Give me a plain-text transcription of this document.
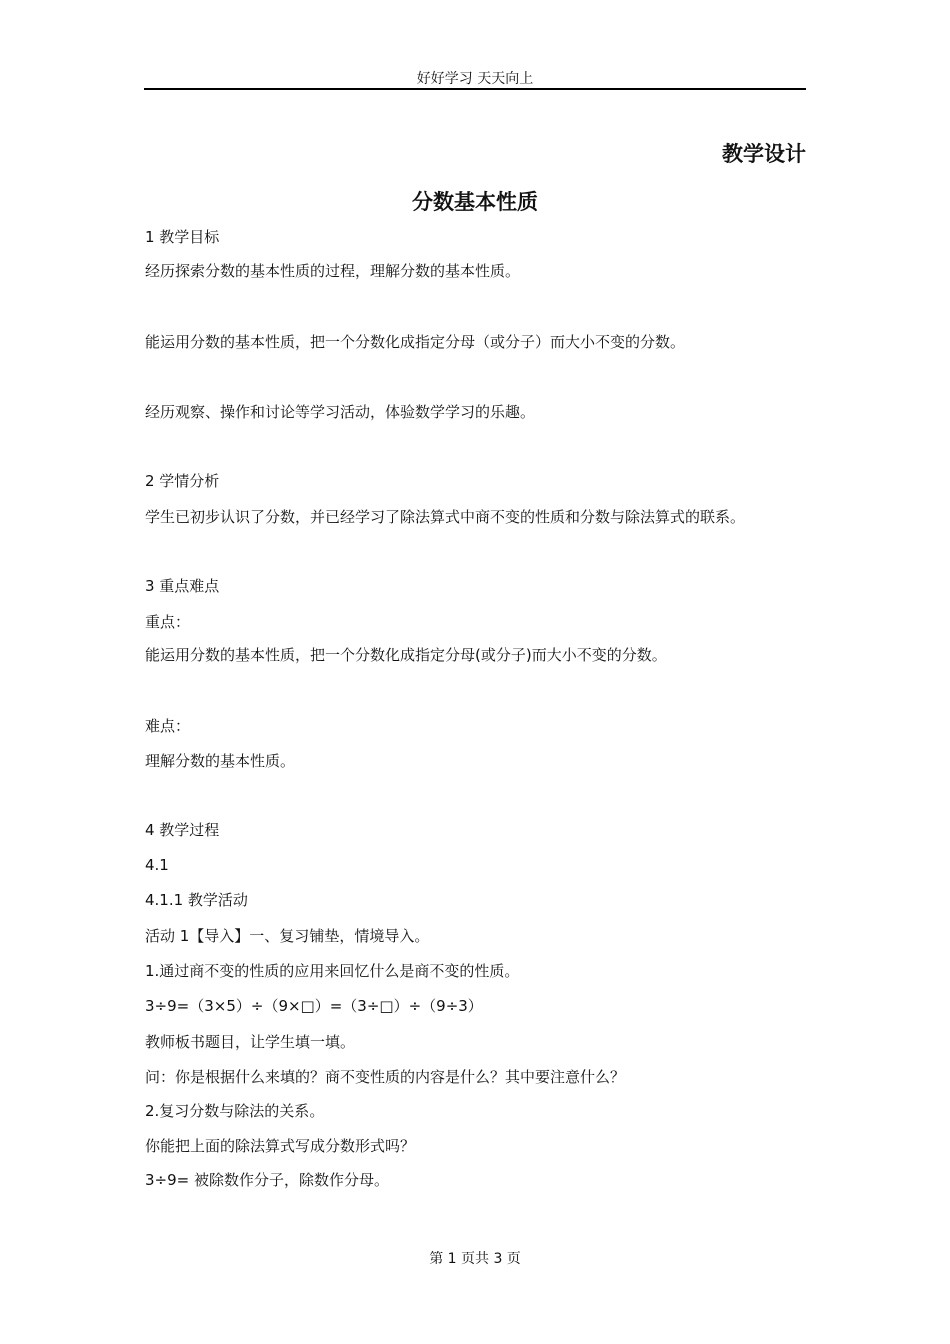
好好学习 天天向上
教学设计
分数基本性质
1 教学目标
经历探索分数的基本性质的过程，理解分数的基本性质。
能运用分数的基本性质，把一个分数化成指定分母（或分子）而大小不变的分数。
经历观察、操作和讨论等学习活动，体验数学学习的乐趣。
2 学情分析
学生已初步认识了分数，并已经学习了除法算式中商不变的性质和分数与除法算式的联系。
3 重点难点
重点：
能运用分数的基本性质，把一个分数化成指定分母(或分子)而大小不变的分数。
难点：
理解分数的基本性质。
4 教学过程
4.1
4.1.1 教学活动
活动 1【导入】一、复习铺垫，情境导入。
1.通过商不变的性质的应用来回忆什么是商不变的性质。
3÷9=（3×5）÷（9×□）=（3÷□）÷（9÷3）
教师板书题目，让学生填一填。
问：你是根据什么来填的？商不变性质的内容是什么？其中要注意什么？
2.复习分数与除法的关系。
你能把上面的除法算式写成分数形式吗？
3÷9= 被除数作分子，除数作分母。
第 1 页共 3 页
